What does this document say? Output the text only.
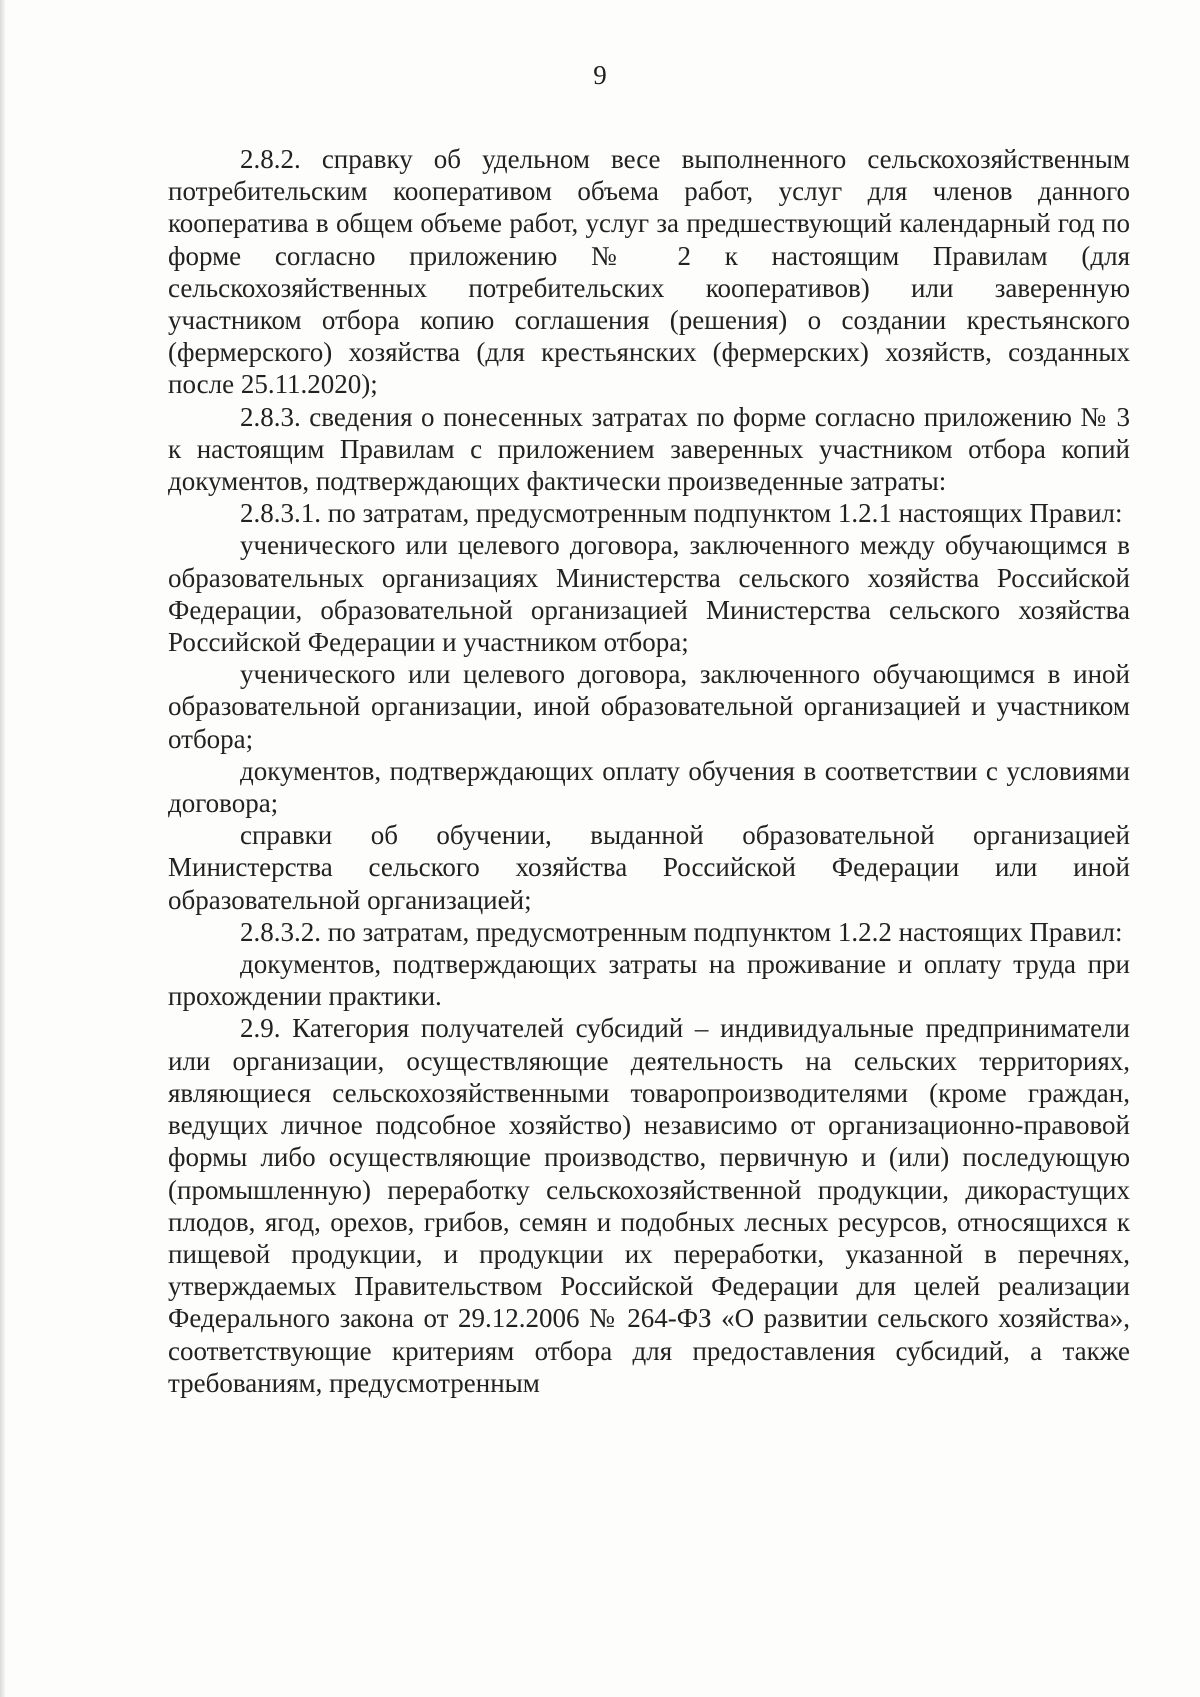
9

2.8.2. справку об удельном весе выполненного сельскохозяйственным потребительским кооперативом объема работ, услуг для членов данного кооператива в общем объеме работ, услуг за предшествующий календарный год по форме согласно приложению № 2 к настоящим Правилам (для сельскохозяйственных потребительских кооперативов) или заверенную участником отбора копию соглашения (решения) о создании крестьянского (фермерского) хозяйства (для крестьянских (фермерских) хозяйств, созданных после 25.11.2020);

2.8.3. сведения о понесенных затратах по форме согласно приложению № 3 к настоящим Правилам с приложением заверенных участником отбора копий документов, подтверждающих фактически произведенные затраты:

2.8.3.1. по затратам, предусмотренным подпунктом 1.2.1 настоящих Правил:

ученического или целевого договора, заключенного между обучающимся в образовательных организациях Министерства сельского хозяйства Российской Федерации, образовательной организацией Министерства сельского хозяйства Российской Федерации и участником отбора;

ученического или целевого договора, заключенного обучающимся в иной образовательной организации, иной образовательной организацией и участником отбора;

документов, подтверждающих оплату обучения в соответствии с условиями договора;

справки об обучении, выданной образовательной организацией Министерства сельского хозяйства Российской Федерации или иной образовательной организацией;

2.8.3.2. по затратам, предусмотренным подпунктом 1.2.2 настоящих Правил:

документов, подтверждающих затраты на проживание и оплату труда при прохождении практики.

2.9. Категория получателей субсидий – индивидуальные предприниматели или организации, осуществляющие деятельность на сельских территориях, являющиеся сельскохозяйственными товаропроизводителями (кроме граждан, ведущих личное подсобное хозяйство) независимо от организационно-правовой формы либо осуществляющие производство, первичную и (или) последующую (промышленную) переработку сельскохозяйственной продукции, дикорастущих плодов, ягод, орехов, грибов, семян и подобных лесных ресурсов, относящихся к пищевой продукции, и продукции их переработки, указанной в перечнях, утверждаемых Правительством Российской Федерации для целей реализации Федерального закона от 29.12.2006 № 264-ФЗ «О развитии сельского хозяйства», соответствующие критериям отбора для предоставления субсидий, а также требованиям, предусмотренным
